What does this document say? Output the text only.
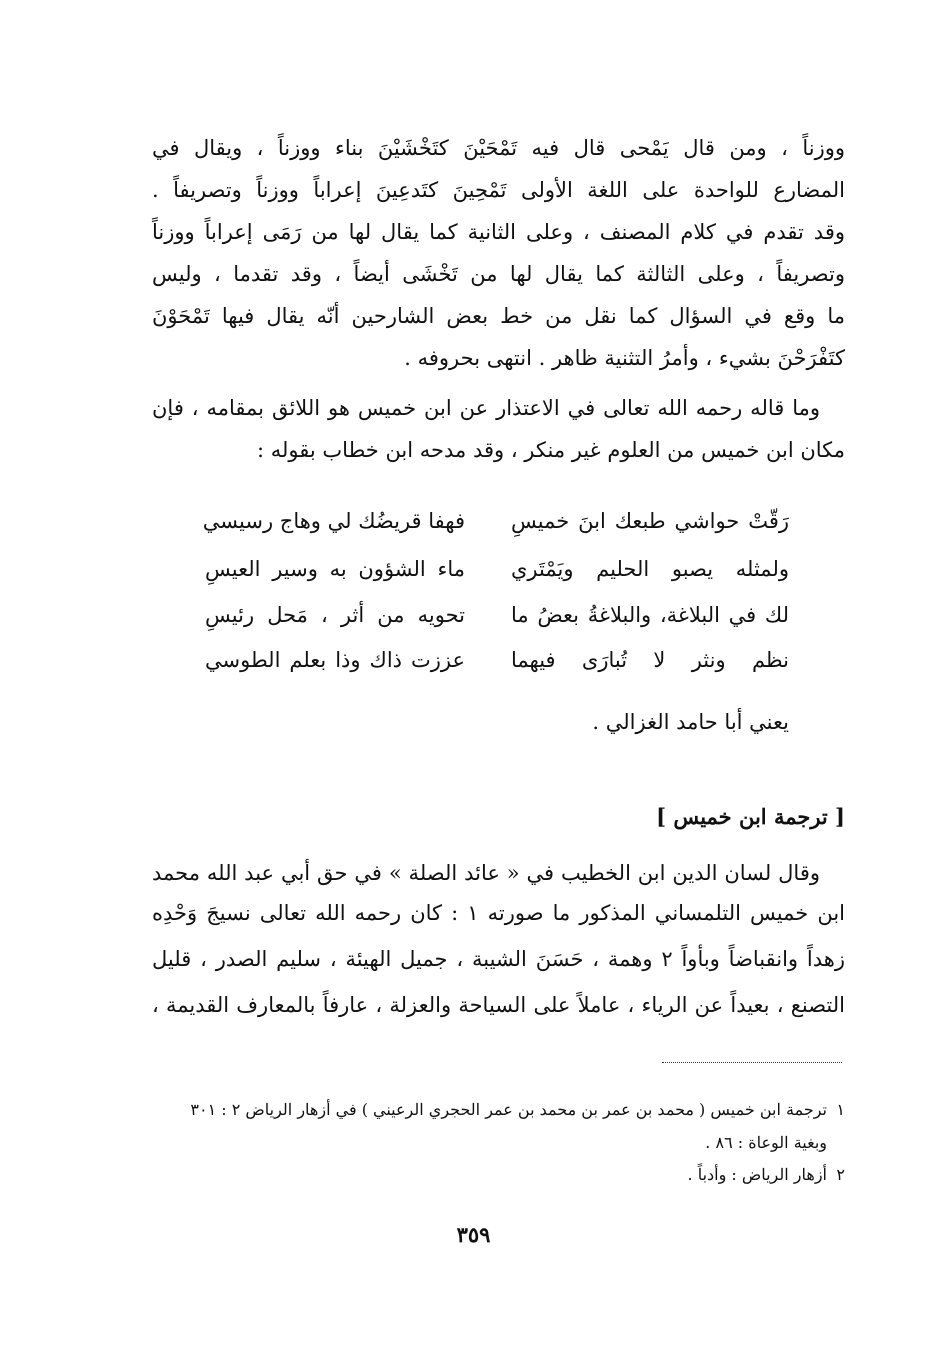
ووزناً ، ومن قال يَمْحى قال فيه تَمْحَيْنَ كتَخْشَيْنَ بناء ووزناً ، ويقال في
المضارع للواحدة على اللغة الأولى تَمْحِينَ كتَدعِينَ إعراباً ووزناً وتصريفاً .
وقد تقدم في كلام المصنف ، وعلى الثانية كما يقال لها من رَمَى إعراباً ووزناً
وتصريفاً ، وعلى الثالثة كما يقال لها من تَخْشَى أيضاً ، وقد تقدما ، وليس
ما وقع في السؤال كما نقل من خط بعض الشارحين أنّه يقال فيها تَمْحَوْنَ
كتَفْرَحْنَ بشيء ، وأمرُ التثنية ظاهر . انتهى بحروفه .
وما قاله رحمه الله تعالى في الاعتذار عن ابن خميس هو اللائق بمقامه ، فإن
مكان ابن خميس من العلوم غير منكر ، وقد مدحه ابن خطاب بقوله :
رَقّتْ حواشي طبعك ابنَ خميسِ
فهفا قريضُك لي وهاج رسيسي
ولمثله يصبو الحليم ويَمْتَري
ماء الشؤون به وسير العيسِ
لك في البلاغة، والبلاغةُ بعضُ ما
تحويه من أثر ، مَحل رئيسِ
نظم ونثر لا تُبارَى فيهما
عززت ذاك وذا بعلم الطوسي
يعني أبا حامد الغزالي .
[ ترجمة ابن خميس ]
وقال لسان الدين ابن الخطيب في « عائد الصلة » في حق أبي عبد الله محمد
ابن خميس التلمساني المذكور ما صورته ١ : كان رحمه الله تعالى نسيجَ وَحْدِه
زهداً وانقباضاً وبأواً ٢ وهمة ، حَسَنَ الشيبة ، جميل الهيئة ، سليم الصدر ، قليل
التصنع ، بعيداً عن الرياء ، عاملاً على السياحة والعزلة ، عارفاً بالمعارف القديمة ،
١ترجمة ابن خميس ( محمد بن عمر بن محمد بن عمر الحجري الرعيني ) في أزهار الرياض ٢ : ٣٠١
وبغية الوعاة : ٨٦ .
٢أزهار الرياض : وأدباً .
٣٥٩
